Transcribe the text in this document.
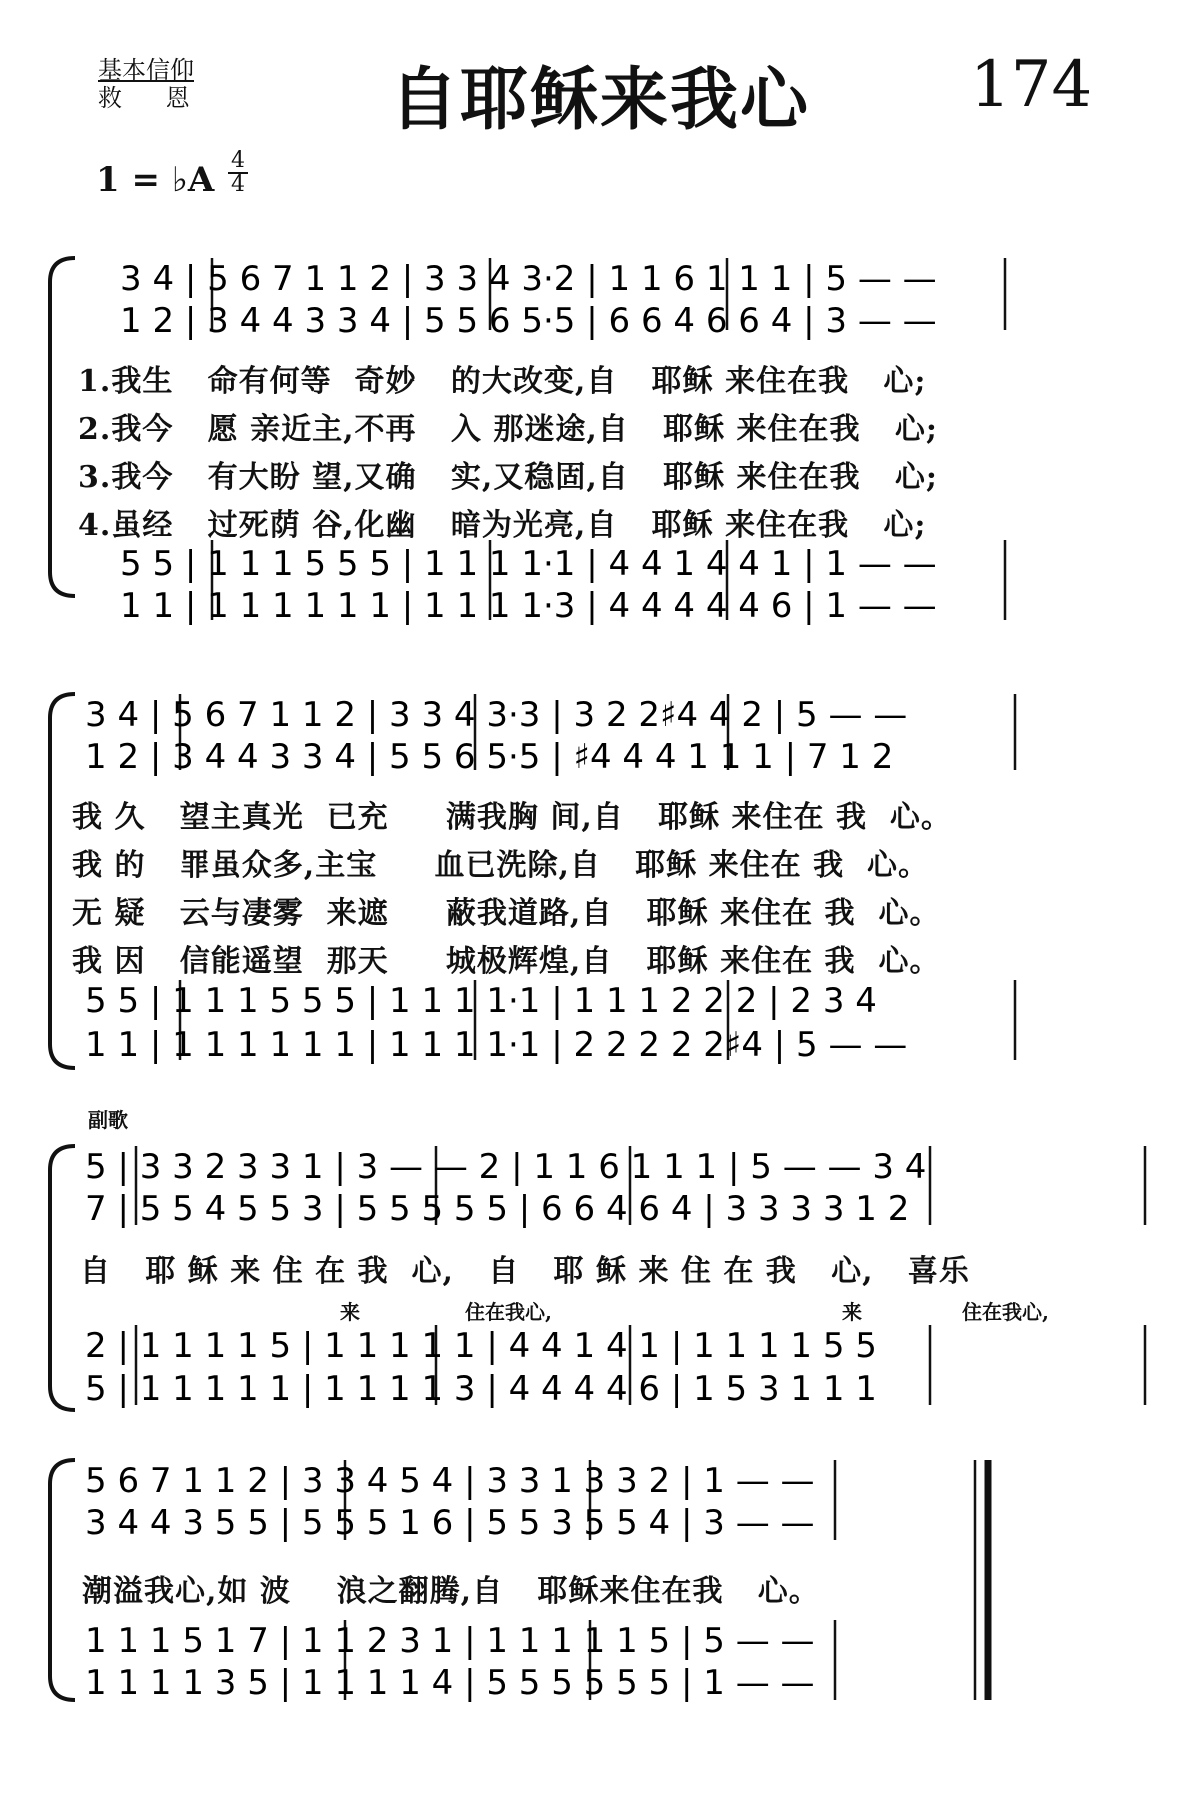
基本信仰
救 恩	自耶稣来我心	174
1 = ♭A 4
4
3 4 | 5 6 7 1 1 2 | 3 3 4 3·2 | 1 1 6 1 1 1 | 5 — —
1 2 | 3 4 4 3 3 4 | 5 5 6 5·5 | 6 6 4 6 6 4 | 3 — —
5 5 | 1 1 1 5 5 5 | 1 1 1 1·1 | 4 4 1 4 4 1 | 1 — —
1 1 | 1 1 1 1 1 1 | 1 1 1 1·3 | 4 4 4 4 4 6 | 1 — —
3 4 | 5 6 7 1 1 2 | 3 3 4 3·3 | 3 2 2♯4 4 2 | 5 — —
1 2 | 3 4 4 3 3 4 | 5 5 6 5·5 | ♯4 4 4 1 1 1 | 7 1 2
5 5 | 1 1 1 5 5 5 | 1 1 1 1·1 | 1 1 1 2 2 2 | 2 3 4
1 1 | 1 1 1 1 1 1 | 1 1 1 1·1 | 2 2 2 2 2♯4 | 5 — —
5 | 3 3 2 3 3 1 | 3 — — 2 | 1 1 6 1 1 1 | 5 — — 3 4
7 | 5 5 4 5 5 3 | 5 5 5 5 5 | 6 6 4 6 4 | 3 3 3 3 1 2
2 | 1 1 1 1 5 | 1 1 1 1 1 | 4 4 1 4 1 | 1 1 1 1 5 5
5 | 1 1 1 1 1 | 1 1 1 1 3 | 4 4 4 4 6 | 1 5 3 1 1 1
5 6 7 1 1 2 | 3 3 4 5 4 | 3 3 1 3 3 2 | 1 — —
3 4 4 3 5 5 | 5 5 5 1 6 | 5 5 3 5 5 4 | 3 — —
1 1 1 5 1 7 | 1 1 2 3 1 | 1 1 1 1 1 5 | 5 — —
1 1 1 1 3 5 | 1 1 1 1 4 | 5 5 5 5 5 5 | 1 — —
1.我生   命有何等  奇妙   的大改变,自   耶稣 来住在我   心;
2.我今   愿 亲近主,不再   入 那迷途,自   耶稣 来住在我   心;
3.我今   有大盼 望,又确   实,又稳固,自   耶稣 来住在我   心;
4.虽经   过死荫 谷,化幽   暗为光亮,自   耶稣 来住在我   心;
我 久   望主真光  已充     满我胸 间,自   耶稣 来住在 我  心。
我 的   罪虽众多,主宝     血已洗除,自   耶稣 来住在 我  心。
无 疑   云与凄雾  来遮     蔽我道路,自   耶稣 来住在 我  心。
我 因   信能遥望  那天     城极辉煌,自   耶稣 来住在 我  心。
副歌
自   耶 稣 来 住 在 我  心,   自   耶 稣 来 住 在 我   心,   喜乐
来	住在我心,	来	住在我心,
潮溢我心,如 波    浪之翻腾,自   耶稣来住在我   心。
